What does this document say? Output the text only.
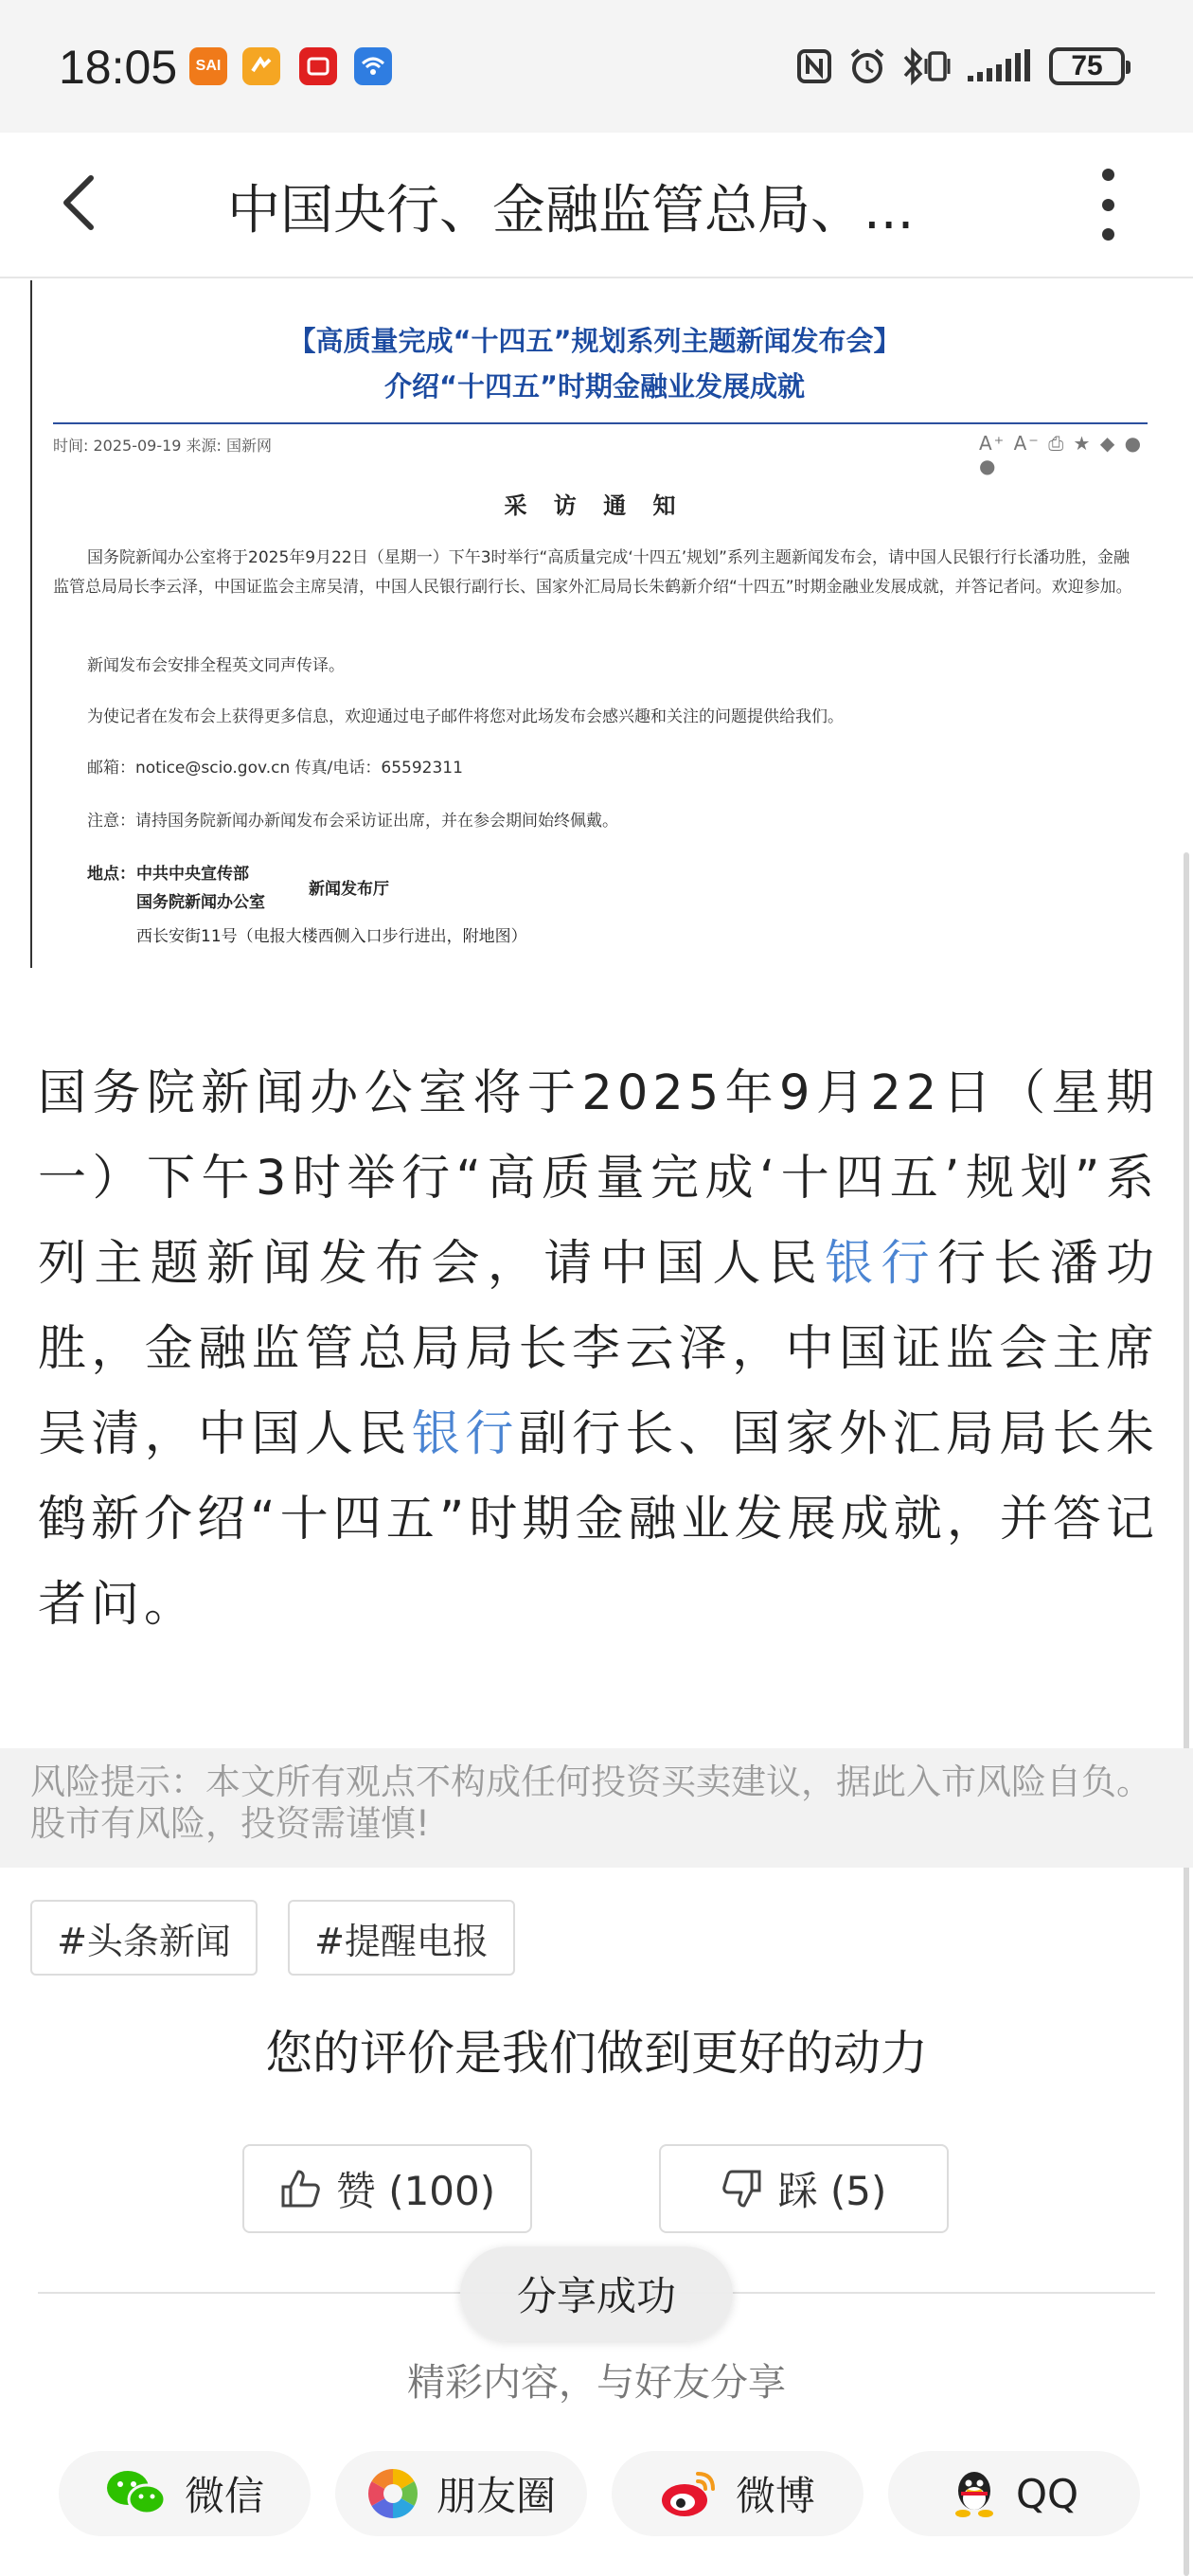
18:05 SAI	75
中国央行、金融监管总局、...
【高质量完成“十四五”规划系列主题新闻发布会】
介绍“十四五”时期金融业发展成就
时间: 2025-09-19 来源: 国新网	A⁺ A⁻ ⎙ ★ ◆ ● ●
采 访 通 知
国务院新闻办公室将于2025年9月22日（星期一）下午3时举行“高质量完成‘十四五’规划”系列主题新闻发布会，请中国人民银行行长潘功胜，金融监管总局局长李云泽，中国证监会主席吴清，中国人民银行副行长、国家外汇局局长朱鹤新介绍“十四五”时期金融业发展成就，并答记者问。欢迎参加。
新闻发布会安排全程英文同声传译。
为使记者在发布会上获得更多信息，欢迎通过电子邮件将您对此场发布会感兴趣和关注的问题提供给我们。
邮箱：notice@scio.gov.cn 传真/电话：65592311
注意：请持国务院新闻办新闻发布会采访证出席，并在参会期间始终佩戴。
地点： 中共中央宣传部
国务院新闻办公室
新闻发布厅
西长安街11号（电报大楼西侧入口步行进出，附地图）
国务院新闻办公室将于2025年9月22日（星期一）下午3时举行“高质量完成‘十四五’规划”系列主题新闻发布会，请中国人民银行行长潘功胜，金融监管总局局长李云泽，中国证监会主席吴清，中国人民银行副行长、国家外汇局局长朱鹤新介绍“十四五”时期金融业发展成就，并答记者问。

风险提示：本文所有观点不构成任何投资买卖建议，据此入市风险自负。股市有风险，投资需谨慎!

#头条新闻	#提醒电报
您的评价是我们做到更好的动力
赞 (100)	踩 (5)
精彩内容，与好友分享
微信	朋友圈	微博	QQ
分享成功
